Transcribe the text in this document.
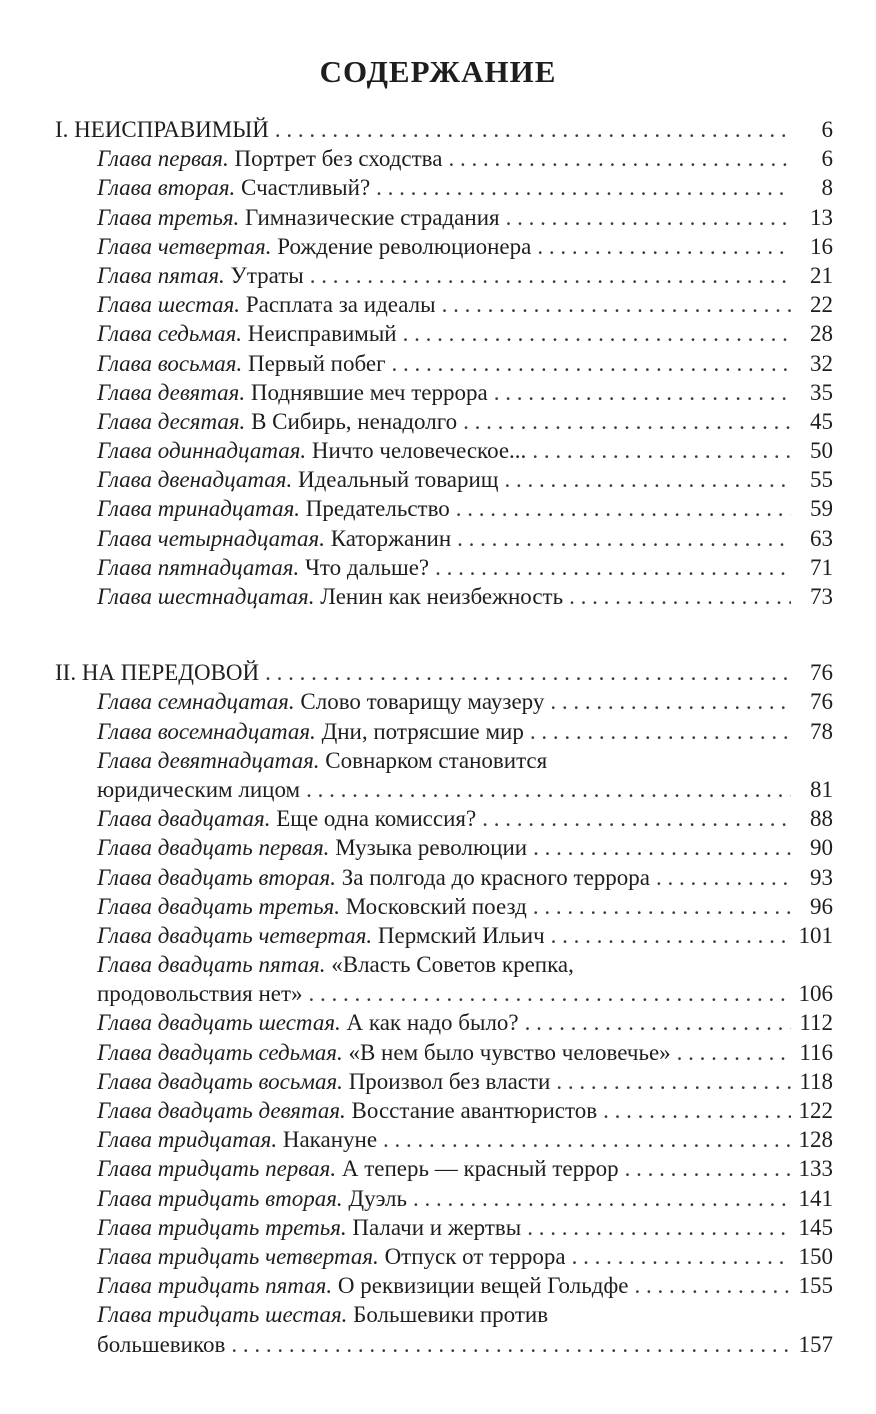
СОДЕРЖАНИЕ
I. НЕИСПРАВИМЫЙ . . .	6
Глава первая. Портрет без сходства . . .	6
Глава вторая. Счастливый? . . .	8
Глава третья. Гимназические страдания . . .	13
Глава четвертая. Рождение революционера . . .	16
Глава пятая. Утраты . . .	21
Глава шестая. Расплата за идеалы . . .	22
Глава седьмая. Неисправимый . . .	28
Глава восьмая. Первый побег . . .	32
Глава девятая. Поднявшие меч террора . . .	35
Глава десятая. В Сибирь, ненадолго . . .	45
Глава одиннадцатая. Ничто человеческое... . . .	50
Глава двенадцатая. Идеальный товарищ . . .	55
Глава тринадцатая. Предательство . . .	59
Глава четырнадцатая. Каторжанин . . .	63
Глава пятнадцатая. Что дальше? . . .	71
Глава шестнадцатая. Ленин как неизбежность . . .	73
II. НА ПЕРЕДОВОЙ . . .	76
Глава семнадцатая. Слово товарищу маузеру . . .	76
Глава восемнадцатая. Дни, потрясшие мир . . .	78
Глава девятнадцатая. Совнарком становится
юридическим лицом . . .	81
Глава двадцатая. Еще одна комиссия? . . .	88
Глава двадцать первая. Музыка революции . . .	90
Глава двадцать вторая. За полгода до красного террора . . .	93
Глава двадцать третья. Московский поезд . . .	96
Глава двадцать четвертая. Пермский Ильич . . .	101
Глава двадцать пятая. «Власть Советов крепка,
продовольствия нет» . . .	106
Глава двадцать шестая. А как надо было? . . .	112
Глава двадцать седьмая. «В нем было чувство человечье» . . .	116
Глава двадцать восьмая. Произвол без власти . . .	118
Глава двадцать девятая. Восстание авантюристов . . .	122
Глава тридцатая. Накануне . . .	128
Глава тридцать первая. А теперь — красный террор . . .	133
Глава тридцать вторая. Дуэль . . .	141
Глава тридцать третья. Палачи и жертвы . . .	145
Глава тридцать четвертая. Отпуск от террора . . .	150
Глава тридцать пятая. О реквизиции вещей Гольдфе . . .	155
Глава тридцать шестая. Большевики против
большевиков . . .	157
